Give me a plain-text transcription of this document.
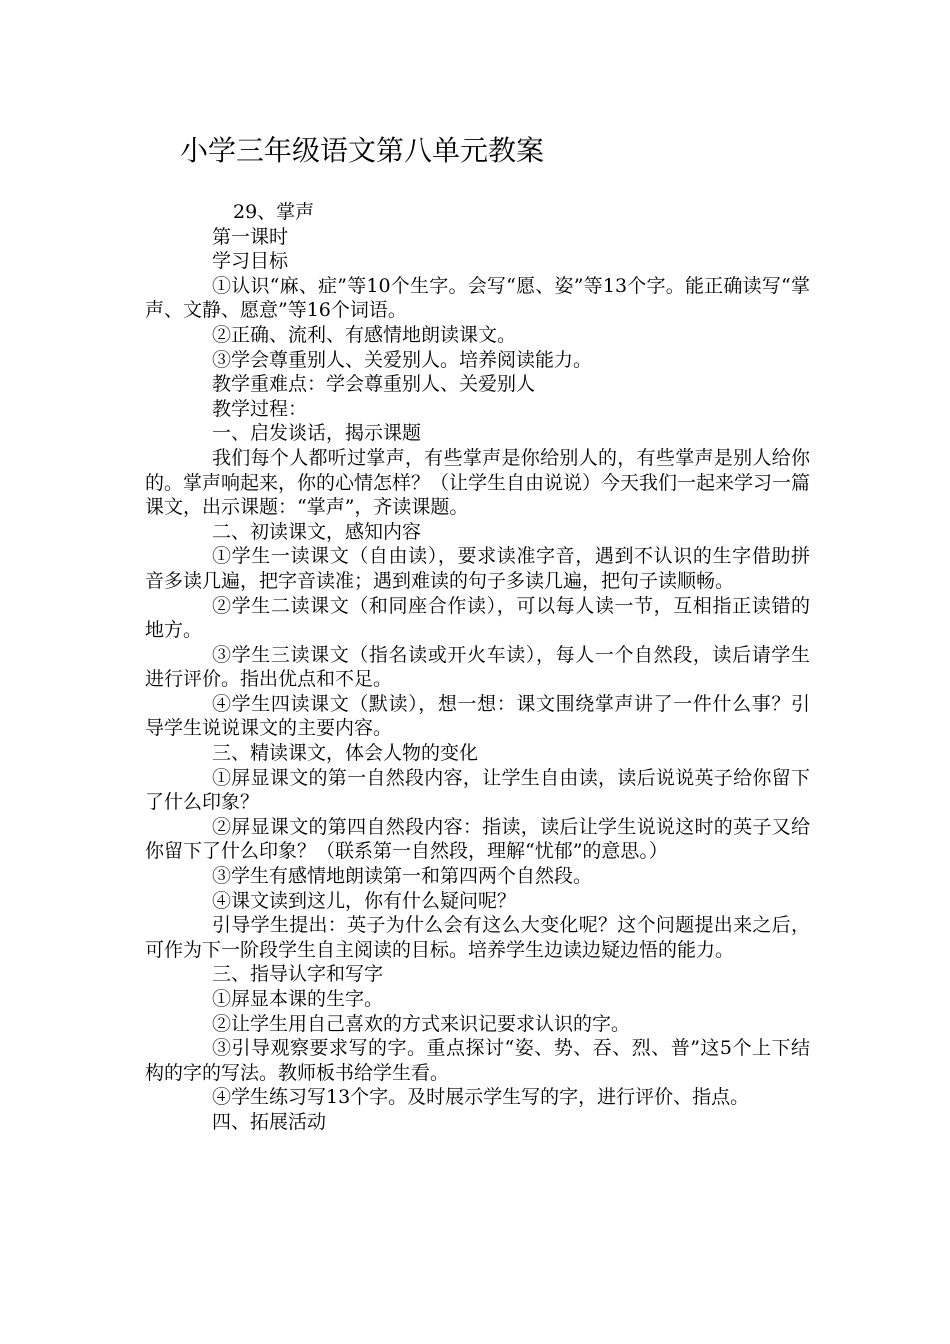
小学三年级语文第八单元教案

29、掌声

第一课时

学习目标

①认识“麻、症”等10个生字。会写“愿、姿”等13个字。能正确读写“掌声、文静、愿意”等16个词语。

②正确、流利、有感情地朗读课文。

③学会尊重别人、关爱别人。培养阅读能力。

教学重难点：学会尊重别人、关爱别人

教学过程：

一、启发谈话，揭示课题

我们每个人都听过掌声，有些掌声是你给别人的，有些掌声是别人给你的。掌声响起来，你的心情怎样？（让学生自由说说）今天我们一起来学习一篇课文，出示课题：“掌声”，齐读课题。

二、初读课文，感知内容

①学生一读课文（自由读），要求读准字音，遇到不认识的生字借助拼音多读几遍，把字音读准；遇到难读的句子多读几遍，把句子读顺畅。

②学生二读课文（和同座合作读），可以每人读一节，互相指正读错的地方。

③学生三读课文（指名读或开火车读），每人一个自然段，读后请学生进行评价。指出优点和不足。

④学生四读课文（默读），想一想：课文围绕掌声讲了一件什么事？引导学生说说课文的主要内容。

三、精读课文，体会人物的变化

①屏显课文的第一自然段内容，让学生自由读，读后说说英子给你留下了什么印象？

②屏显课文的第四自然段内容：指读，读后让学生说说这时的英子又给你留下了什么印象？（联系第一自然段，理解“忧郁”的意思。）

③学生有感情地朗读第一和第四两个自然段。

④课文读到这儿，你有什么疑问呢？

引导学生提出：英子为什么会有这么大变化呢？这个问题提出来之后，可作为下一阶段学生自主阅读的目标。培养学生边读边疑边悟的能力。

三、指导认字和写字

①屏显本课的生字。

②让学生用自己喜欢的方式来识记要求认识的字。

③引导观察要求写的字。重点探讨“姿、势、吞、烈、普”这5个上下结构的字的写法。教师板书给学生看。

④学生练习写13个字。及时展示学生写的字，进行评价、指点。

四、拓展活动
